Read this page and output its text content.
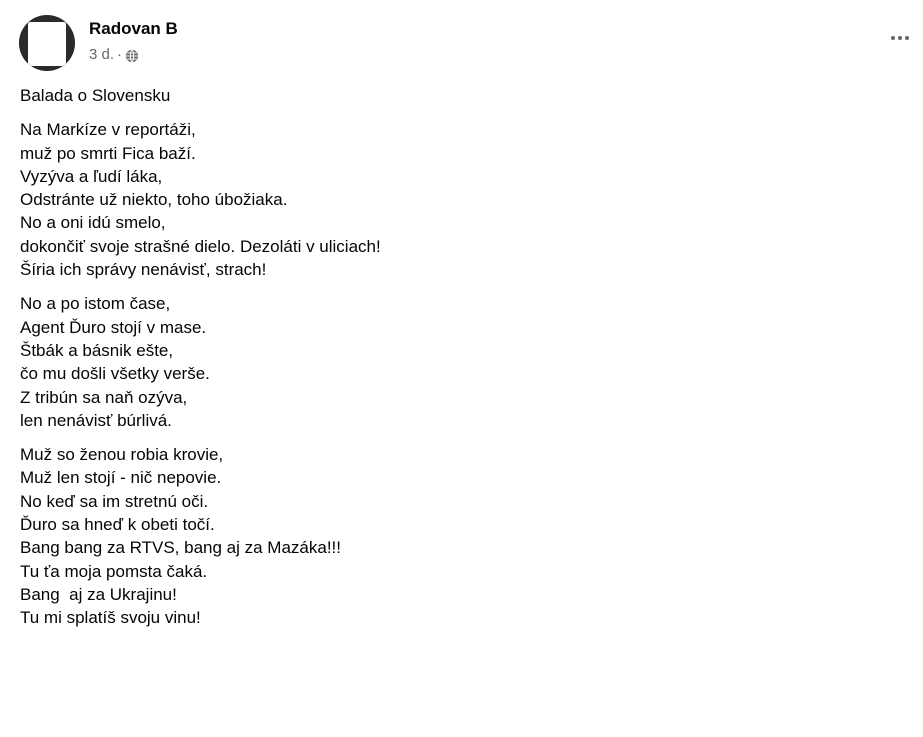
Radovan B
3 d. ·
Balada o Slovensku
Na Markíze v reportáži,
muž po smrti Fica baží.
Vyzýva a ľudí láka,
Odstránte už niekto, toho úbožiaka.
No a oni idú smelo,
dokončiť svoje strašné dielo. Dezoláti v uliciach!
Šíria ich správy nenávisť, strach!
No a po istom čase,
Agent Ďuro stojí v mase.
Štbák a básnik ešte,
čo mu došli všetky verše.
Z tribún sa naň ozýva,
len nenávisť búrlivá.
Muž so ženou robia krovie,
Muž len stojí - nič nepovie.
No keď sa im stretnú oči.
Ďuro sa hneď k obeti točí.
Bang bang za RTVS, bang aj za Mazáka!!!
Tu ťa moja pomsta čaká.
Bang  aj za Ukrajinu!
Tu mi splatíš svoju vinu!
